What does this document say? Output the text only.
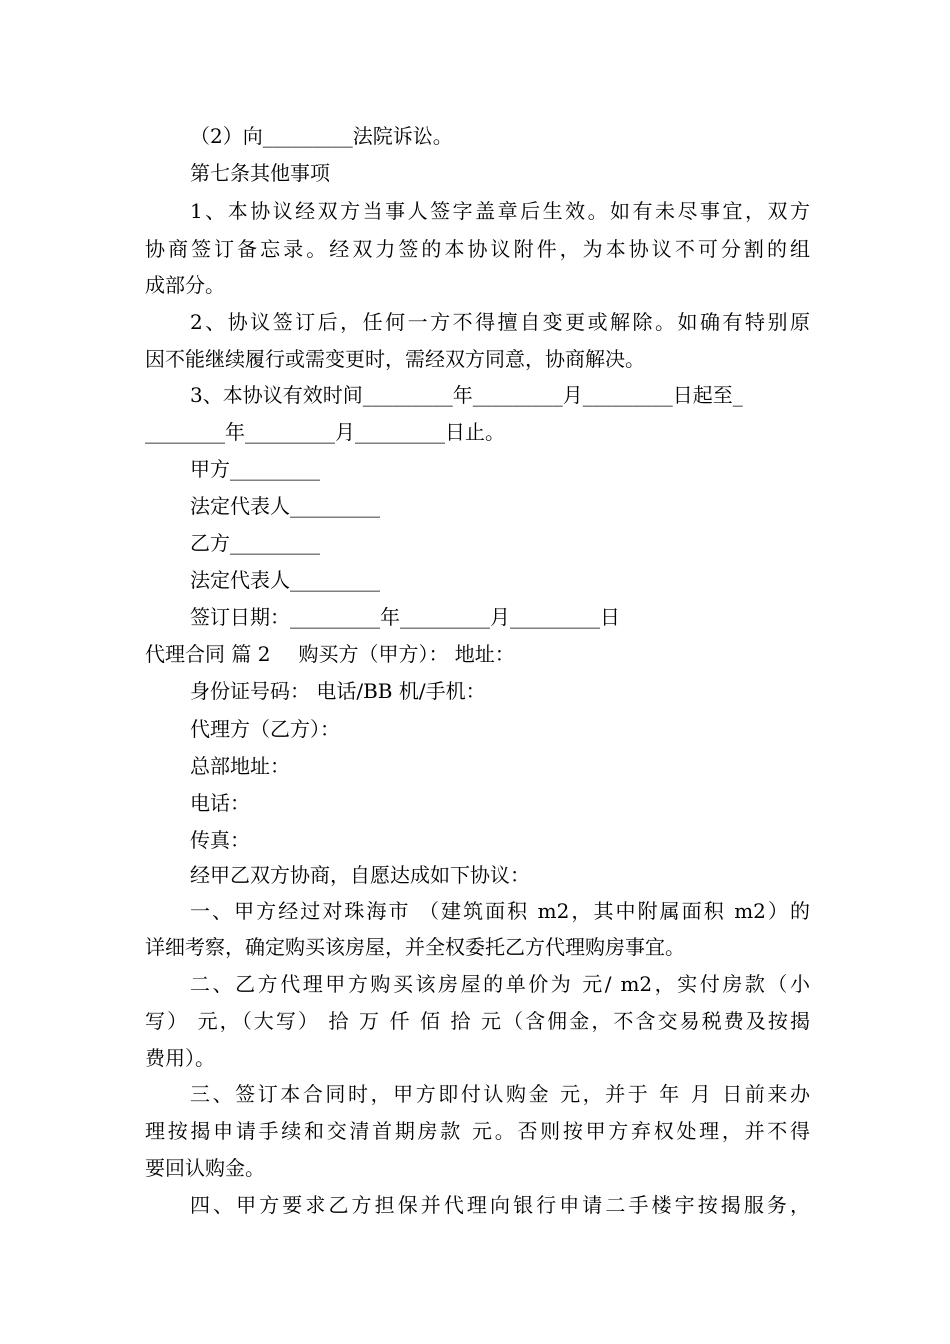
（2）向_________法院诉讼。
第七条其他事项
1、本协议经双方当事人签字盖章后生效。如有未尽事宜，双方
协商签订备忘录。经双力签的本协议附件，为本协议不可分割的组
成部分。
2、协议签订后，任何一方不得擅自变更或解除。如确有特别原
因不能继续履行或需变更时，需经双方同意，协商解决。
3、本协议有效时间_________年_________月_________日起至_
________年_________月_________日止。
甲方_________
法定代表人_________
乙方_________
法定代表人_________
签订日期：_________年_________月_________日
代理合同 篇 2 购买方（甲方）： 地址：
身份证号码： 电话/BB 机/手机：
代理方（乙方）：
总部地址：
电话：
传真：
经甲乙双方协商，自愿达成如下协议：
一、甲方经过对珠海市 （建筑面积 m2，其中附属面积 m2）的
详细考察，确定购买该房屋，并全权委托乙方代理购房事宜。
二、乙方代理甲方购买该房屋的单价为 元/ m2，实付房款（小
写） 元，（大写） 拾 万 仟 佰 拾 元（含佣金，不含交易税费及按揭
费用）。
三、签订本合同时，甲方即付认购金 元，并于 年 月 日前来办
理按揭申请手续和交清首期房款 元。否则按甲方弃权处理，并不得
要回认购金。
四、甲方要求乙方担保并代理向银行申请二手楼宇按揭服务，
